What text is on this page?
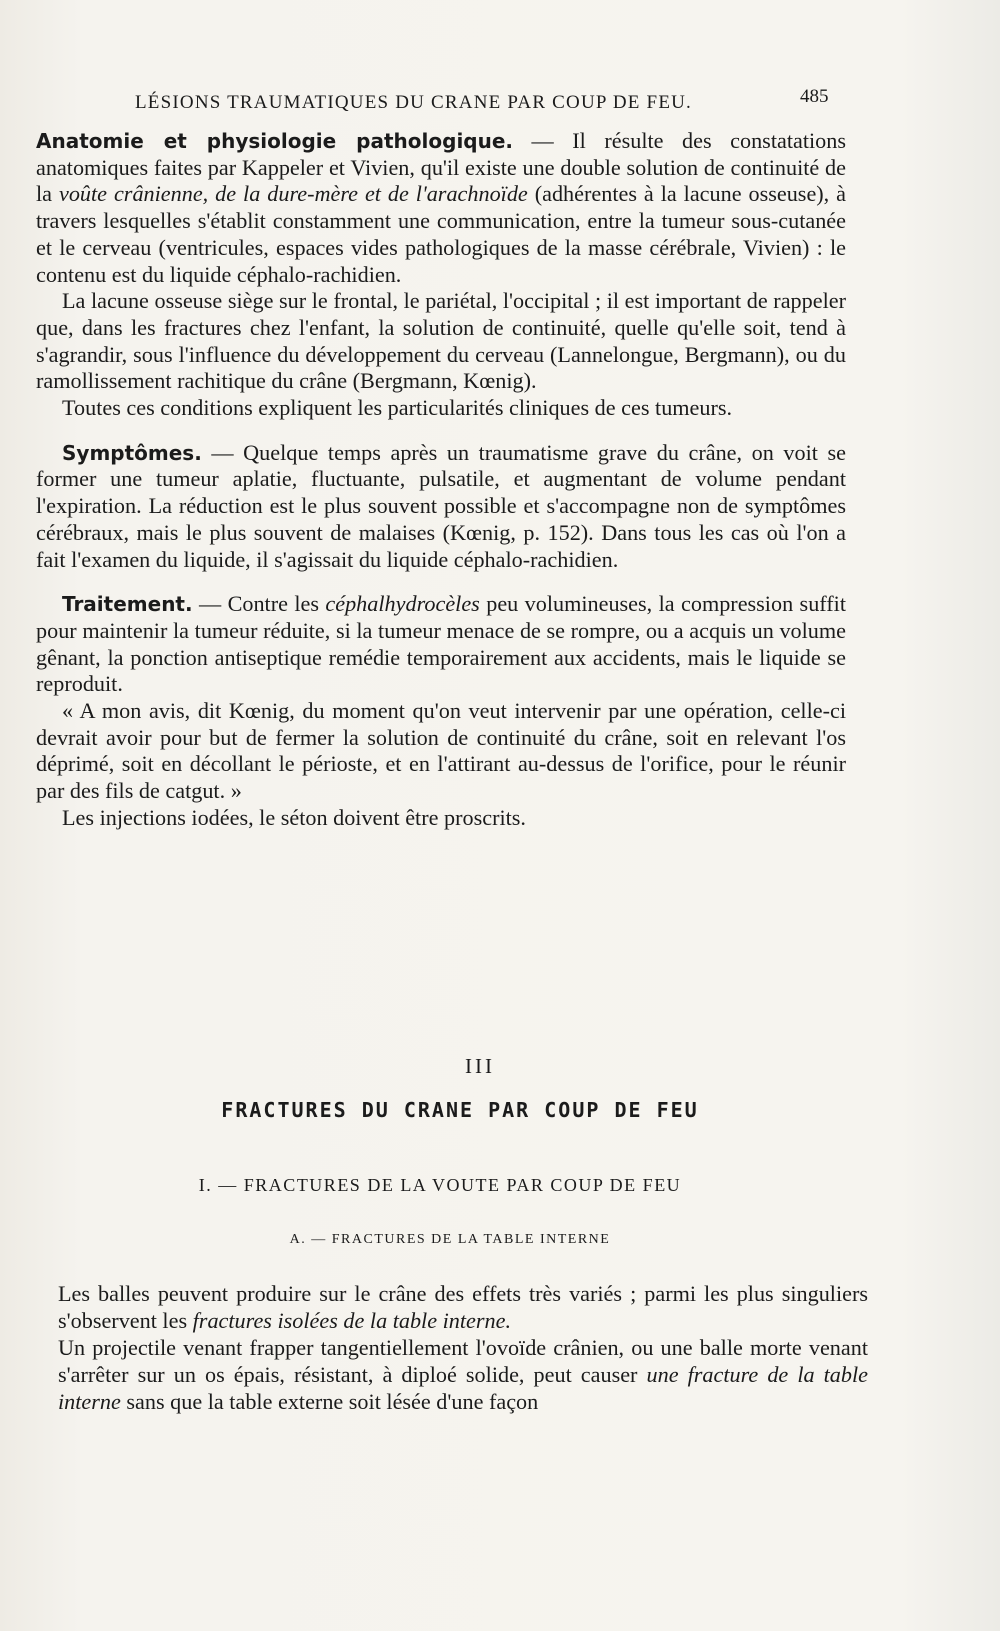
LÉSIONS TRAUMATIQUES DU CRANE PAR COUP DE FEU.	485

Anatomie et physiologie pathologique. — Il résulte des constatations anatomiques faites par Kappeler et Vivien, qu'il existe une double solution de continuité de la voûte crânienne, de la dure-mère et de l'arachnoïde (adhérentes à la lacune osseuse), à travers lesquelles s'établit constamment une communication, entre la tumeur sous-cutanée et le cerveau (ventricules, espaces vides pathologiques de la masse cérébrale, Vivien) : le contenu est du liquide céphalo-rachidien.

La lacune osseuse siège sur le frontal, le pariétal, l'occipital ; il est important de rappeler que, dans les fractures chez l'enfant, la solution de continuité, quelle qu'elle soit, tend à s'agrandir, sous l'influence du développement du cerveau (Lannelongue, Bergmann), ou du ramollissement rachitique du crâne (Bergmann, Kœnig).

Toutes ces conditions expliquent les particularités cliniques de ces tumeurs.

Symptômes. — Quelque temps après un traumatisme grave du crâne, on voit se former une tumeur aplatie, fluctuante, pulsatile, et augmentant de volume pendant l'expiration. La réduction est le plus souvent possible et s'accompagne non de symptômes cérébraux, mais le plus souvent de malaises (Kœnig, p. 152). Dans tous les cas où l'on a fait l'examen du liquide, il s'agissait du liquide céphalo-rachidien.

Traitement. — Contre les céphalhydrocèles peu volumineuses, la compression suffit pour maintenir la tumeur réduite, si la tumeur menace de se rompre, ou a acquis un volume gênant, la ponction antiseptique remédie temporairement aux accidents, mais le liquide se reproduit.

« A mon avis, dit Kœnig, du moment qu'on veut intervenir par une opération, celle-ci devrait avoir pour but de fermer la solution de continuité du crâne, soit en relevant l'os déprimé, soit en décollant le périoste, et en l'attirant au-dessus de l'orifice, pour le réunir par des fils de catgut. »

Les injections iodées, le séton doivent être proscrits.

III
FRACTURES DU CRANE PAR COUP DE FEU
I. — FRACTURES DE LA VOUTE PAR COUP DE FEU
A. — FRACTURES DE LA TABLE INTERNE

Les balles peuvent produire sur le crâne des effets très variés ; parmi les plus singuliers s'observent les fractures isolées de la table interne.

Un projectile venant frapper tangentiellement l'ovoïde crânien, ou une balle morte venant s'arrêter sur un os épais, résistant, à diploé solide, peut causer une fracture de la table interne sans que la table externe soit lésée d'une façon
